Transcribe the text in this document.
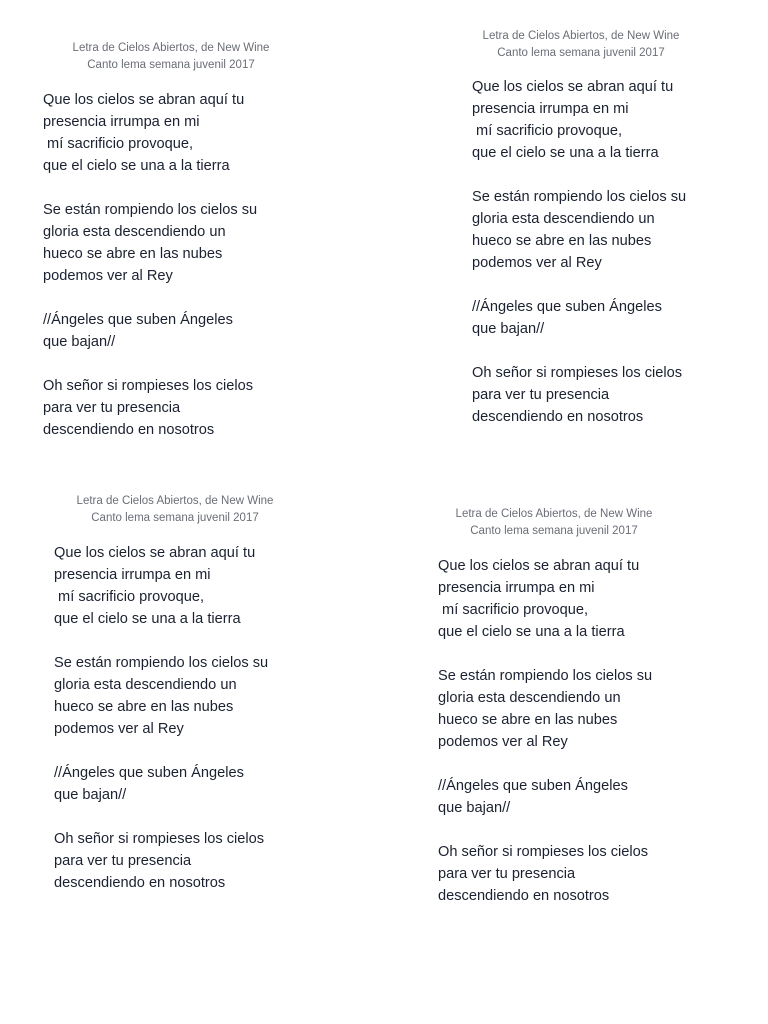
Letra de Cielos Abiertos, de New Wine
Canto lema semana juvenil 2017
Que los cielos se abran aquí tu
presencia irrumpa en mi
mí sacrificio provoque,
que el cielo se una a la tierra
Se están rompiendo los cielos su
gloria esta descendiendo un
hueco se abre en las nubes
podemos ver al Rey
//Ángeles que suben Ángeles
que bajan//
Oh señor si rompieses los cielos
para ver tu presencia
descendiendo en nosotros
Letra de Cielos Abiertos, de New Wine
Canto lema semana juvenil 2017
Que los cielos se abran aquí tu
presencia irrumpa en mi
mí sacrificio provoque,
que el cielo se una a la tierra
Se están rompiendo los cielos su
gloria esta descendiendo un
hueco se abre en las nubes
podemos ver al Rey
//Ángeles que suben Ángeles
que bajan//
Oh señor si rompieses los cielos
para ver tu presencia
descendiendo en nosotros
Letra de Cielos Abiertos, de New Wine
Canto lema semana juvenil 2017
Que los cielos se abran aquí tu
presencia irrumpa en mi
mí sacrificio provoque,
que el cielo se una a la tierra
Se están rompiendo los cielos su
gloria esta descendiendo un
hueco se abre en las nubes
podemos ver al Rey
//Ángeles que suben Ángeles
que bajan//
Oh señor si rompieses los cielos
para ver tu presencia
descendiendo en nosotros
Letra de Cielos Abiertos, de New Wine
Canto lema semana juvenil 2017
Que los cielos se abran aquí tu
presencia irrumpa en mi
mí sacrificio provoque,
que el cielo se una a la tierra
Se están rompiendo los cielos su
gloria esta descendiendo un
hueco se abre en las nubes
podemos ver al Rey
//Ángeles que suben Ángeles
que bajan//
Oh señor si rompieses los cielos
para ver tu presencia
descendiendo en nosotros
